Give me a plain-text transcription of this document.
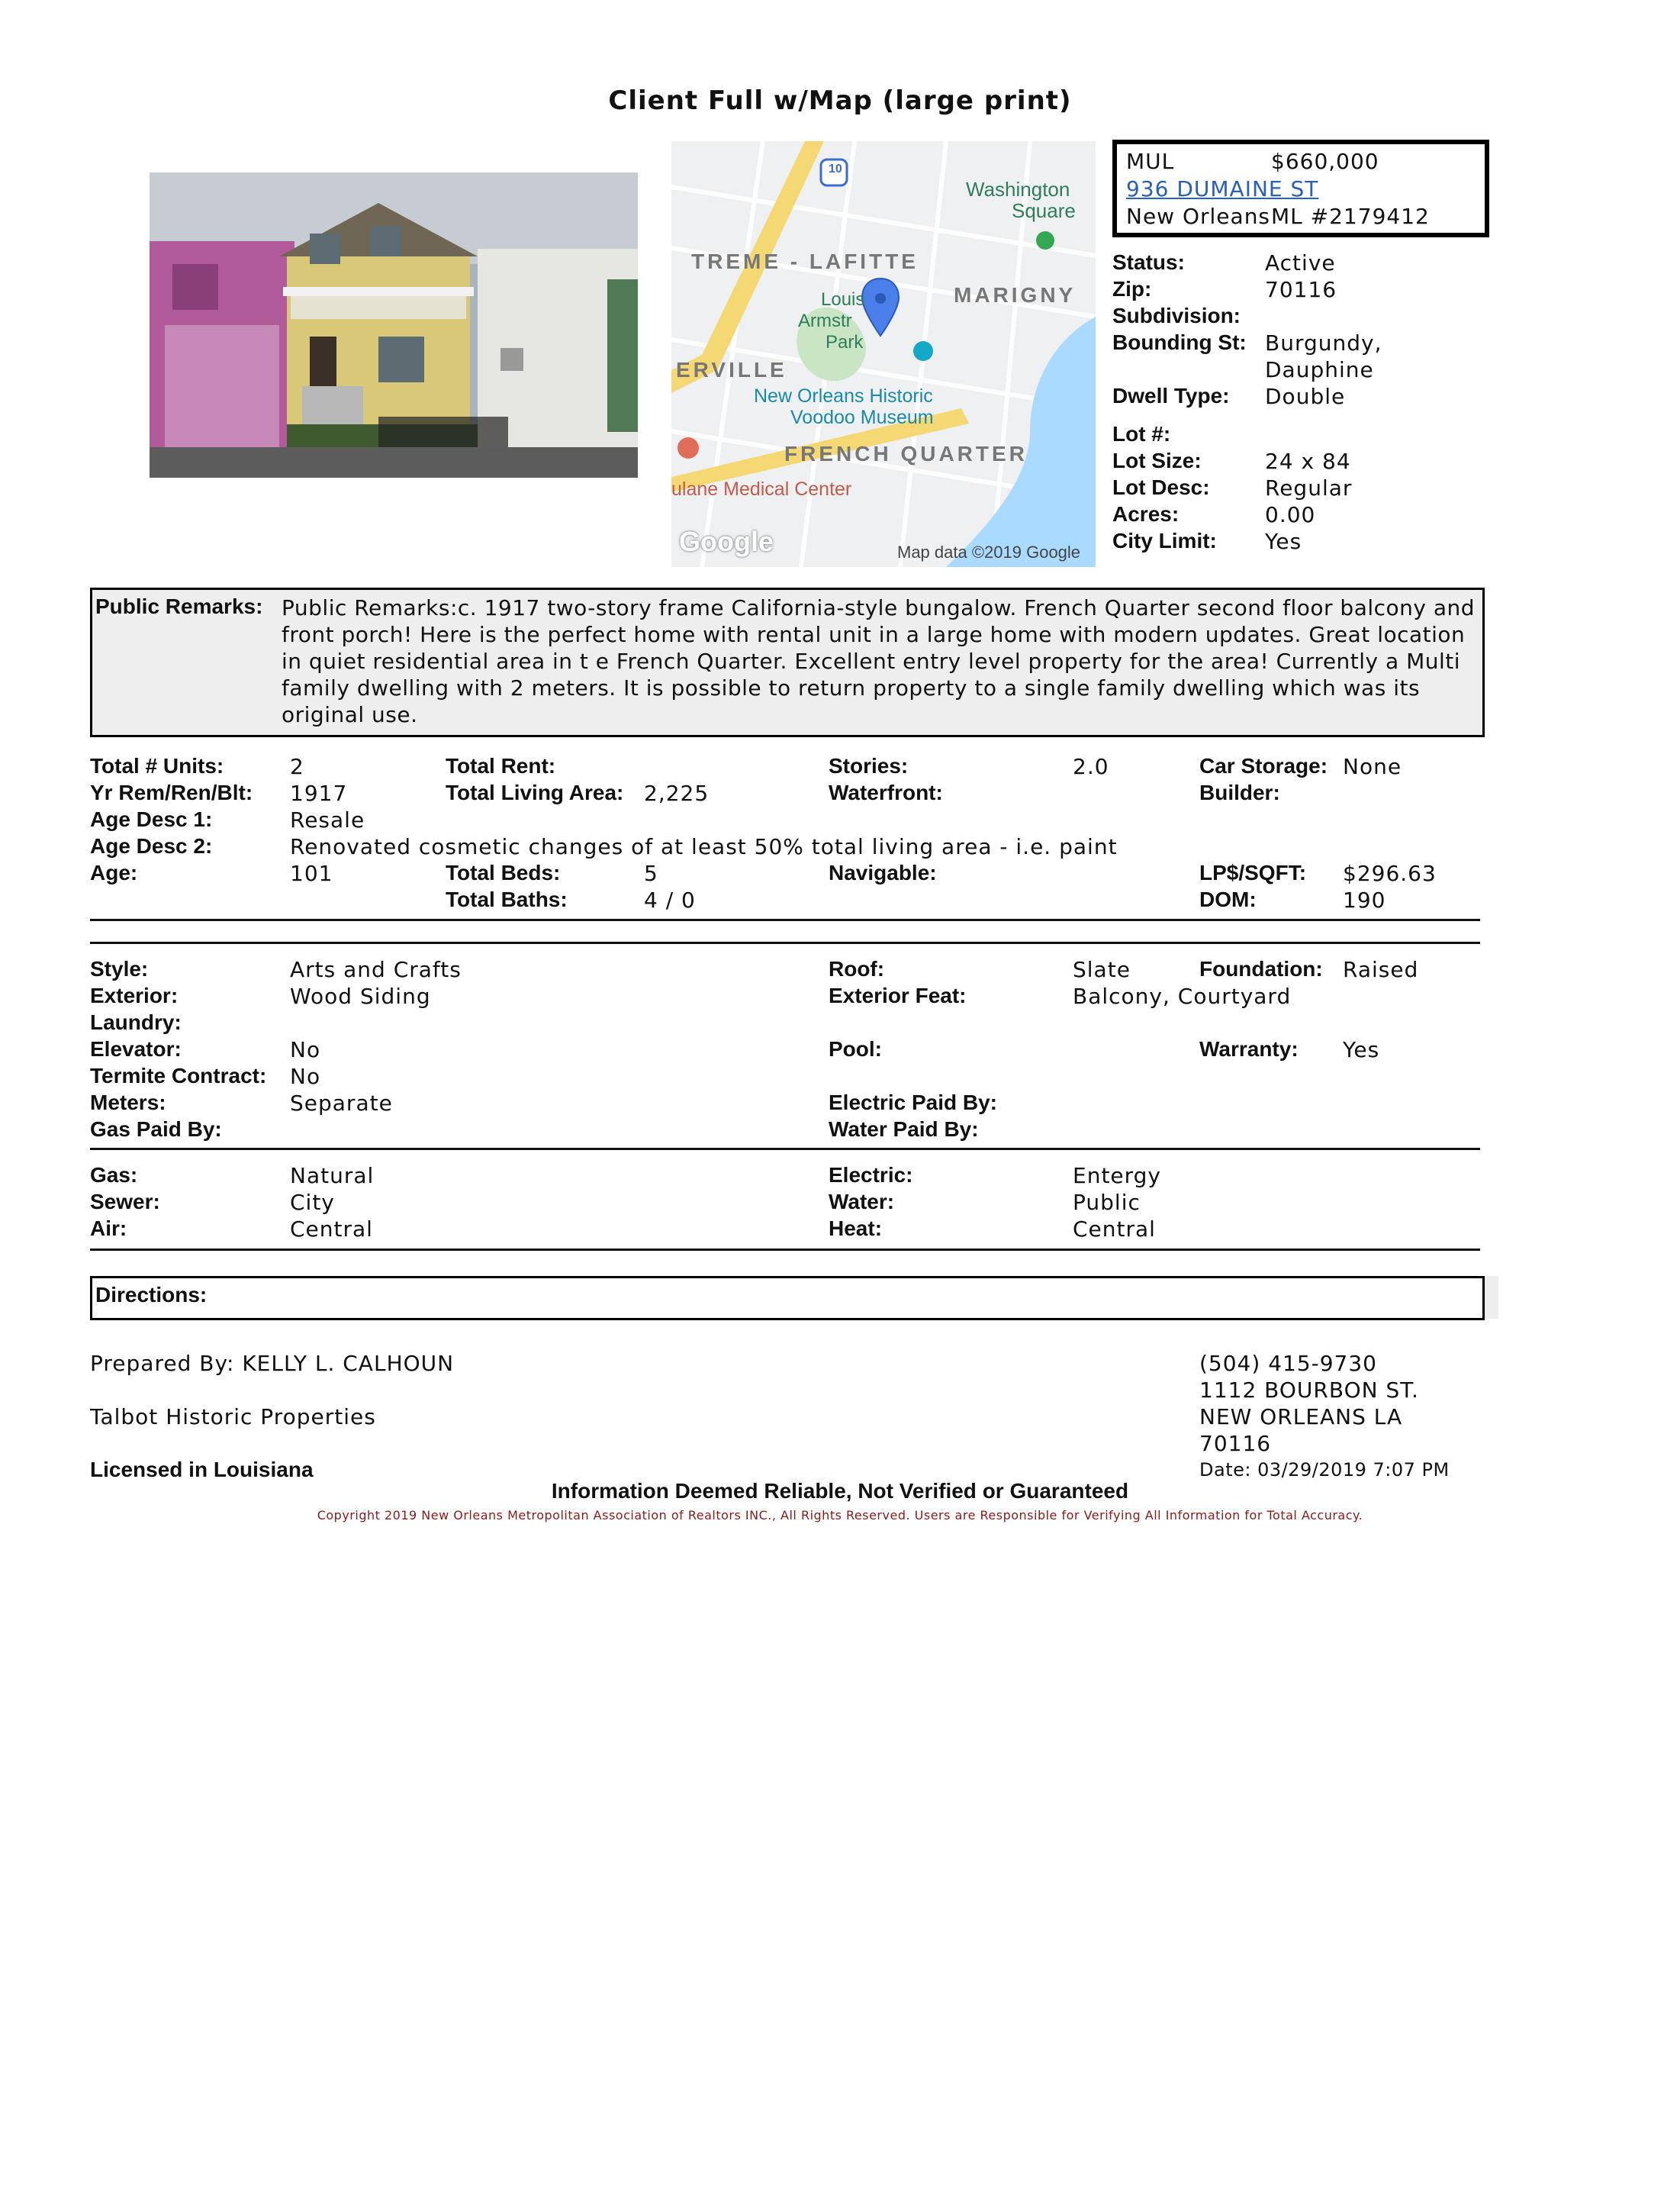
Client Full w/Map (large print)
10
Washington
Square
TREME - LAFITTE
MARIGNY
Louis
Armstr
Park
ERVILLE
New Orleans Historic
Voodoo Museum
FRENCH QUARTER
ulane Medical Center
Google	Map data ©2019 Google
MUL	$660,000
936 DUMAINE ST
New Orleans ML #2179412
Status:	Active
Zip:	70116
Subdivision:
Bounding St: Burgundy,
Dauphine
Dwell Type: Double
Lot #:
Lot Size:	24 x 84
Lot Desc:	Regular
Acres:	0.00
City Limit: Yes
Public Remarks: Public Remarks:c. 1917 two-story frame California-style bungalow. French Quarter second floor balcony and front porch! Here is the perfect home with rental unit in a large home with modern updates. Great location in quiet residential area in t e French Quarter. Excellent entry level property for the area! Currently a Multi family dwelling with 2 meters. It is possible to return property to a single family dwelling which was its original use.
Total # Units:	2	Total Rent:	Stories:	2.0	Car Storage: None
Yr Rem/Ren/Blt: 1917	Total Living Area: 2,225	Waterfront:	Builder:
Age Desc 1:	Resale
Age Desc 2:	Renovated cosmetic changes of at least 50% total living area - i.e. paint
Age:	101	Total Beds:	5	Navigable:	LP$/SQFT: $296.63
Total Baths:	4 / 0	DOM:	190
Style:	Arts and Crafts	Roof:	Slate	Foundation: Raised
Exterior:	Wood Siding	Exterior Feat:	Balcony, Courtyard
Laundry:
Elevator:	No	Pool:	Warranty: Yes
Termite Contract: No
Meters:	Separate	Electric Paid By:
Gas Paid By:	Water Paid By:
Gas:	Natural	Electric:	Entergy
Sewer:	City	Water:	Public
Air:	Central	Heat:	Central
Directions:
Prepared By: KELLY L. CALHOUN
Talbot Historic Properties
Licensed in Louisiana
(504) 415-9730
1112 BOURBON ST.
NEW ORLEANS LA
70116
Date: 03/29/2019 7:07 PM
Information Deemed Reliable, Not Verified or Guaranteed
Copyright 2019 New Orleans Metropolitan Association of Realtors INC., All Rights Reserved. Users are Responsible for Verifying All Information for Total Accuracy.
